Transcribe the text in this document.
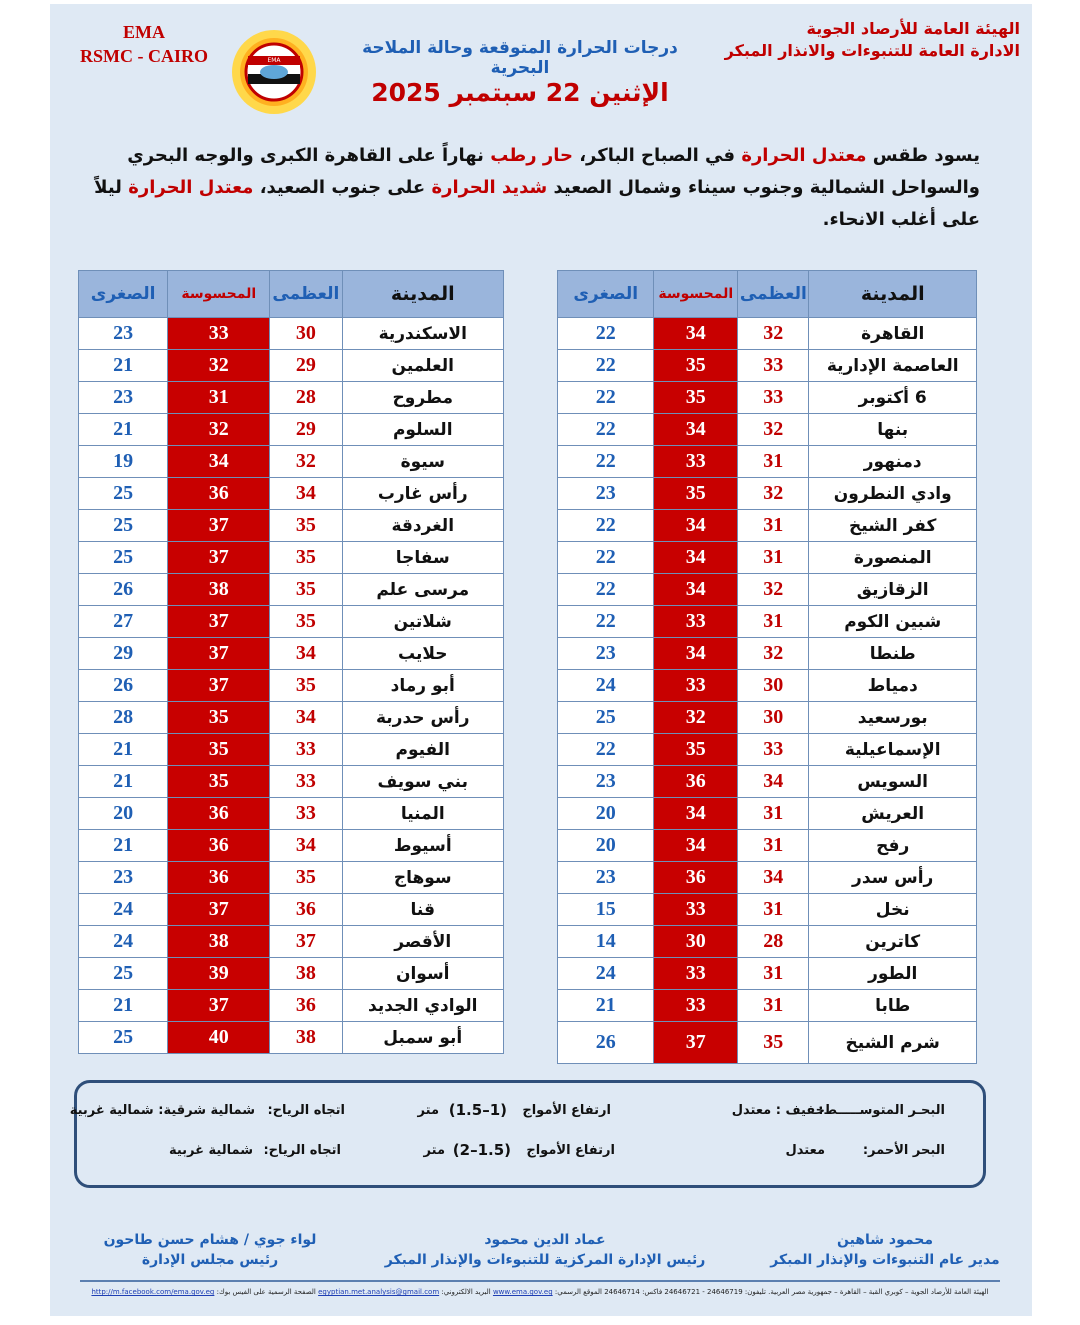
الهيئة العامة للأرصاد الجوية
الادارة العامة للتنبوءات والانذار المبكر
EMA
RSMC - CAIRO	EMA
درجات الحرارة المتوقعة وحالة الملاحة البحرية
الإثنين 22 سبتمبر 2025
يسود طقس معتدل الحرارة في الصباح الباكر، حار رطب نهاراً على القاهرة الكبرى والوجه البحري والسواحل الشمالية وجنوب سيناء وشمال الصعيد شديد الحرارة على جنوب الصعيد، معتدل الحرارة ليلاً على أغلب الانحاء.
المدينة	العظمى	المحسوسة	الصغرى
القاهرة	32	34	22
العاصمة الإدارية	33	35	22
6 أكتوبر	33	35	22
بنها	32	34	22
دمنهور	31	33	22
وادي النطرون	32	35	23
كفر الشيخ	31	34	22
المنصورة	31	34	22
الزقازيق	32	34	22
شبين الكوم	31	33	22
طنطا	32	34	23
دمياط	30	33	24
بورسعيد	30	32	25
الإسماعيلية	33	35	22
السويس	34	36	23
العريش	31	34	20
رفح	31	34	20
رأس سدر	34	36	23
نخل	31	33	15
كاترين	28	30	14
الطور	31	33	24
طابا	31	33	21
شرم الشيخ	35	37	26
المدينة	العظمى	المحسوسة	الصغرى
الاسكندرية	30	33	23
العلمين	29	32	21
مطروح	28	31	23
السلوم	29	32	21
سيوة	32	34	19
رأس غارب	34	36	25
الغردقة	35	37	25
سفاجا	35	37	25
مرسى علم	35	38	26
شلاتين	35	37	27
حلايب	34	37	29
أبو رماد	35	37	26
رأس حدربة	34	35	28
الفيوم	33	35	21
بني سويف	33	35	21
المنيا	33	36	20
أسيوط	34	36	21
سوهاج	35	36	23
قنا	36	37	24
الأقصر	37	38	24
أسوان	38	39	25
الوادي الجديد	36	37	21
أبو سمبل	38	40	25
البحـر المتوســـــط:
خفيف : معتدل
ارتفاع الأمواج
(1–1.5)
متر
اتجاه الرياح:
شمالية شرقية: شمالية غربية
البحر الأحمر:
معتدل
ارتفاع الأمواج
(1.5–2)
متر
اتجاه الرياح:
شمالية غربية
محمود شاهين
مدير عام التنبوءات والإنذار المبكر
عماد الدين محمود
رئيس الإدارة المركزية للتنبوءات والإنذار المبكر
لواء جوي / هشام حسن طاحون
رئيس مجلس الإدارة
الهيئة العامة للأرصاد الجوية – كوبري القبة – القاهرة – جمهورية مصر العربية. تليفون: 24646719 - 24646721 فاكس: 24646714 الموقع الرسمي: www.ema.gov.eg البريد الالكتروني: egyptian.met.analysis@gmail.com الصفحة الرسمية على الفيس بوك: http://m.facebook.com/ema.gov.eg
